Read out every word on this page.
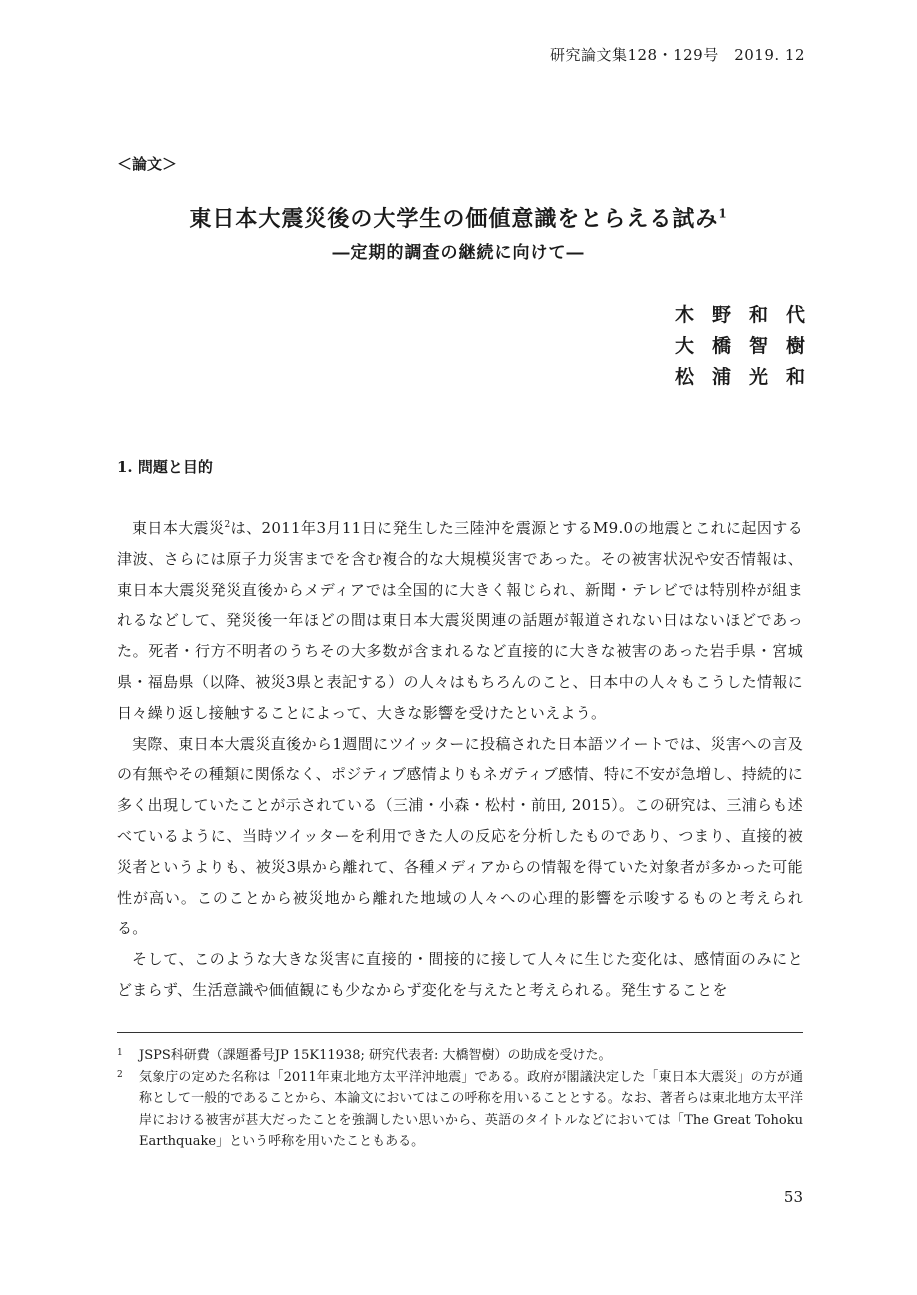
研究論文集128・129号　2019. 12
＜論文＞
東日本大震災後の大学生の価値意識をとらえる試み$^1$
―定期的調査の継続に向けて―
木野和代
大橋智樹
松浦光和
1. 問題と目的

東日本大震災$^2$は、2011年3月11日に発生した三陸沖を震源とするM9.0の地震とこれに起因する津波、さらには原子力災害までを含む複合的な大規模災害であった。その被害状況や安否情報は、東日本大震災発災直後からメディアでは全国的に大きく報じられ、新聞・テレビでは特別枠が組まれるなどして、発災後一年ほどの間は東日本大震災関連の話題が報道されない日はないほどであった。死者・行方不明者のうちその大多数が含まれるなど直接的に大きな被害のあった岩手県・宮城県・福島県（以降、被災3県と表記する）の人々はもちろんのこと、日本中の人々もこうした情報に日々繰り返し接触することによって、大きな影響を受けたといえよう。

実際、東日本大震災直後から1週間にツイッターに投稿された日本語ツイートでは、災害への言及の有無やその種類に関係なく、ポジティブ感情よりもネガティブ感情、特に不安が急増し、持続的に多く出現していたことが示されている（三浦・小森・松村・前田, 2015）。この研究は、三浦らも述べているように、当時ツイッターを利用できた人の反応を分析したものであり、つまり、直接的被災者というよりも、被災3県から離れて、各種メディアからの情報を得ていた対象者が多かった可能性が高い。このことから被災地から離れた地域の人々への心理的影響を示唆するものと考えられる。

そして、このような大きな災害に直接的・間接的に接して人々に生じた変化は、感情面のみにとどまらず、生活意識や価値観にも少なからず変化を与えたと考えられる。発生することを

1	JSPS科研費（課題番号JP 15K11938; 研究代表者: 大橋智樹）の助成を受けた。
2	気象庁の定めた名称は「2011年東北地方太平洋沖地震」である。政府が閣議決定した「東日本大震災」の方が通称として一般的であることから、本論文においてはこの呼称を用いることとする。なお、著者らは東北地方太平洋岸における被害が甚大だったことを強調したい思いから、英語のタイトルなどにおいては「The Great Tohoku Earthquake」という呼称を用いたこともある。
53
